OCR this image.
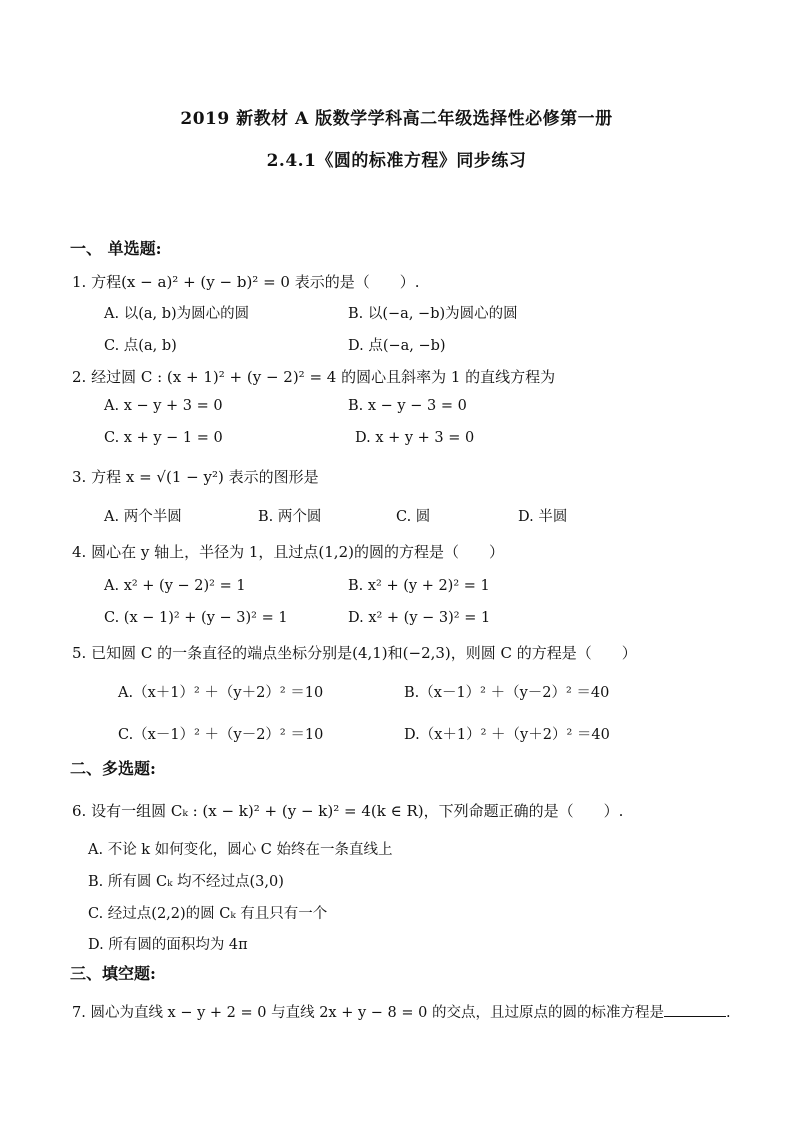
2019 新教材 A 版数学学科高二年级选择性必修第一册
2.4.1《圆的标准方程》同步练习
一、 单选题:
1. 方程(x − a)² + (y − b)² = 0 表示的是（　　）.
A. 以(a, b)为圆心的圆	B. 以(−a, −b)为圆心的圆
C. 点(a, b)	D. 点(−a, −b)
2. 经过圆 C : (x + 1)² + (y − 2)² = 4 的圆心且斜率为 1 的直线方程为
A. x − y + 3 = 0	B. x − y − 3 = 0
C. x + y − 1 = 0	D. x + y + 3 = 0
3. 方程 x = √(1 − y²) 表示的图形是
A. 两个半圆	B. 两个圆	C. 圆	D. 半圆
4. 圆心在 y 轴上，半径为 1，且过点(1,2)的圆的方程是（　　）
A. x² + (y − 2)² = 1	B. x² + (y + 2)² = 1
C. (x − 1)² + (y − 3)² = 1	D. x² + (y − 3)² = 1
5. 已知圆 C 的一条直径的端点坐标分别是(4,1)和(−2,3)，则圆 C 的方程是（　　）
A.（x＋1）² ＋（y＋2）² ＝10	B.（x－1）² ＋（y－2）² ＝40
C.（x－1）² ＋（y－2）² ＝10	D.（x＋1）² ＋（y＋2）² ＝40
二、多选题:
6. 设有一组圆 Cₖ : (x − k)² + (y − k)² = 4(k ∈ R)，下列命题正确的是（　　）.
A. 不论 k 如何变化，圆心 C 始终在一条直线上
B. 所有圆 Cₖ 均不经过点(3,0)
C. 经过点(2,2)的圆 Cₖ 有且只有一个
D. 所有圆的面积均为 4π
三、填空题:
7. 圆心为直线 x − y + 2 = 0 与直线 2x + y − 8 = 0 的交点，且过原点的圆的标准方程是	.
